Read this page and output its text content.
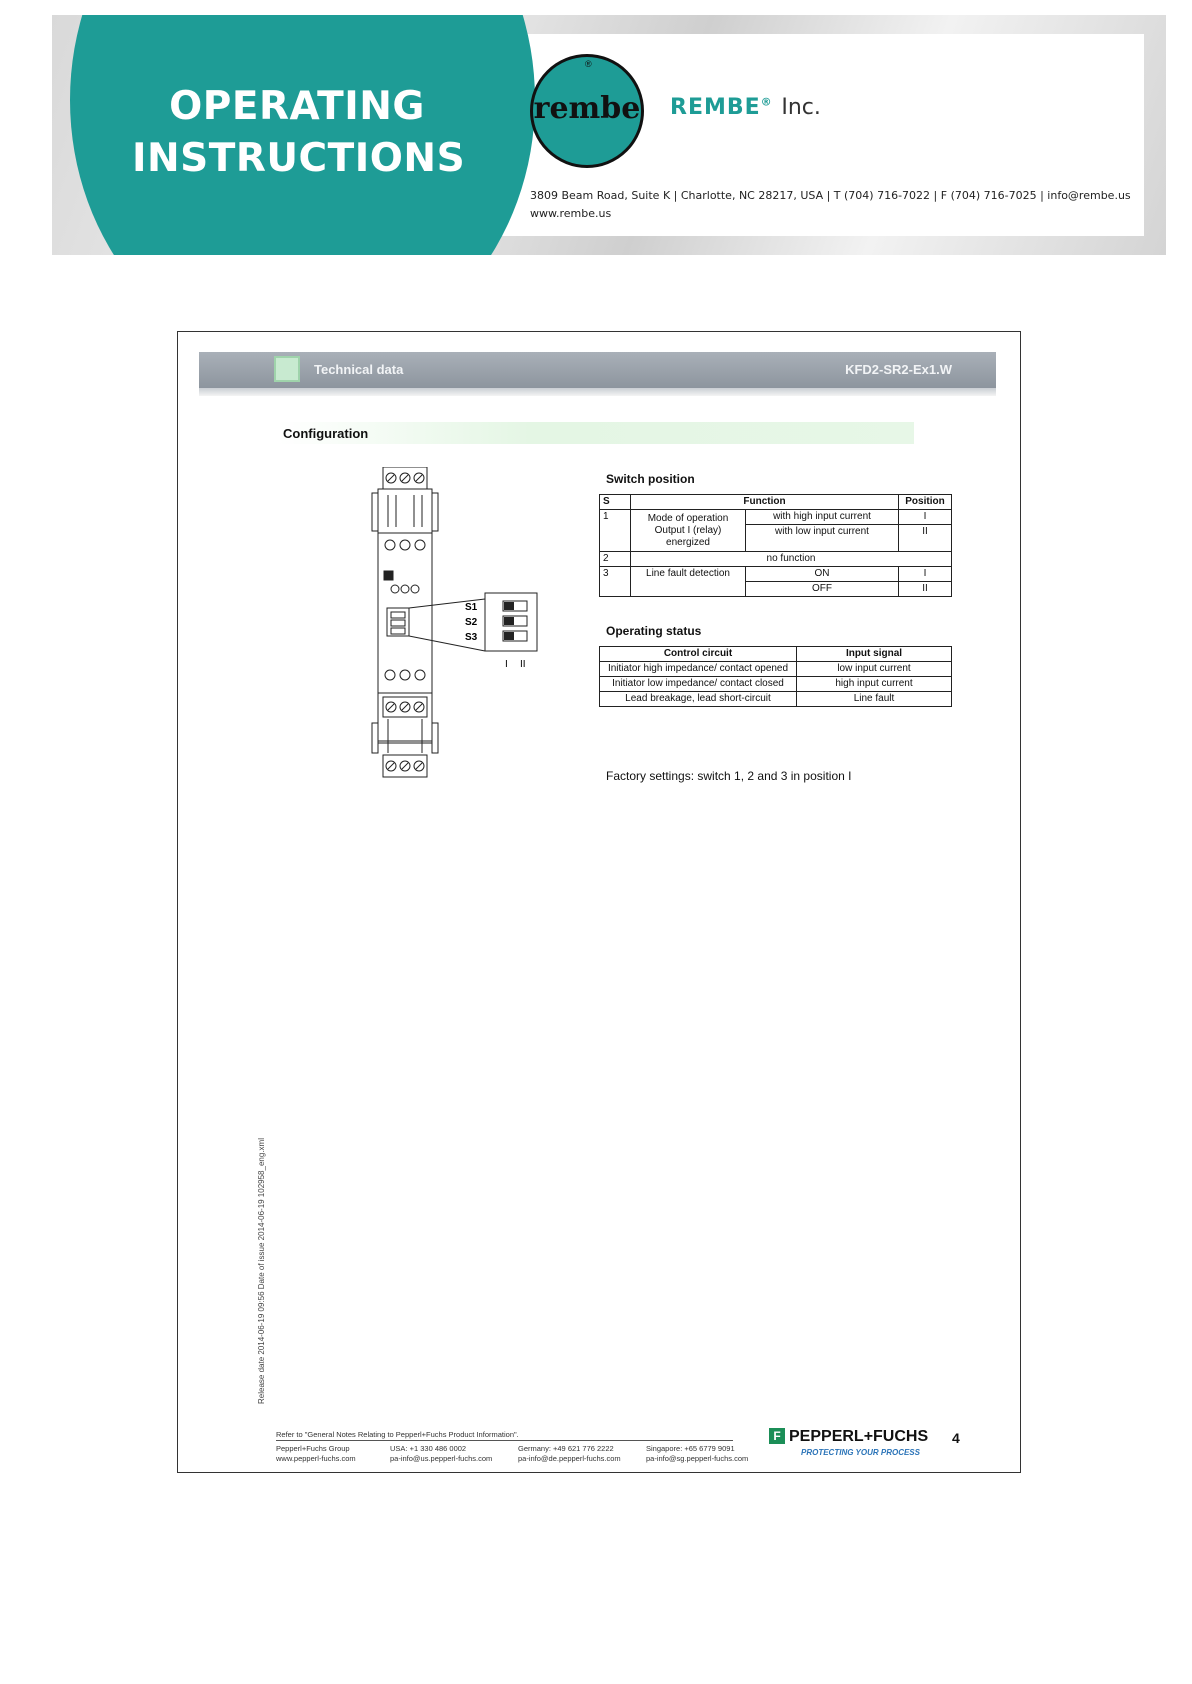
OPERATING
INSTRUCTIONS
rembe
®
REMBE® Inc.
3809 Beam Road, Suite K | Charlotte, NC 28217, USA | T (704) 716-7022 | F (704) 716-7025 | info@rembe.us
www.rembe.us
Technical data	KFD2-SR2-Ex1.W
Configuration
S1
S2
S3
I II
Switch position
S	Function		Position
1	Mode of operation Output I (relay) energized	with high input current	I
		with low input current	II
2	no function		
3	Line fault detection	ON	I
		OFF	II
Operating status
Control circuit	Input signal
Initiator high impedance/ contact opened	low input current
Initiator low impedance/ contact closed	high input current
Lead breakage, lead short-circuit	Line fault
Factory settings: switch 1, 2 and 3 in position I
Release date 2014-06-19 09:56 Date of issue 2014-06-19 102958_eng.xml
Refer to "General Notes Relating to Pepperl+Fuchs Product Information".
Pepperl+Fuchs Group
www.pepperl-fuchs.com
USA: +1 330 486 0002
pa-info@us.pepperl-fuchs.com
Germany: +49 621 776 2222
pa-info@de.pepperl-fuchs.com
Singapore: +65 6779 9091
pa-info@sg.pepperl-fuchs.com
F PEPPERL+FUCHS
PROTECTING YOUR PROCESS
4
